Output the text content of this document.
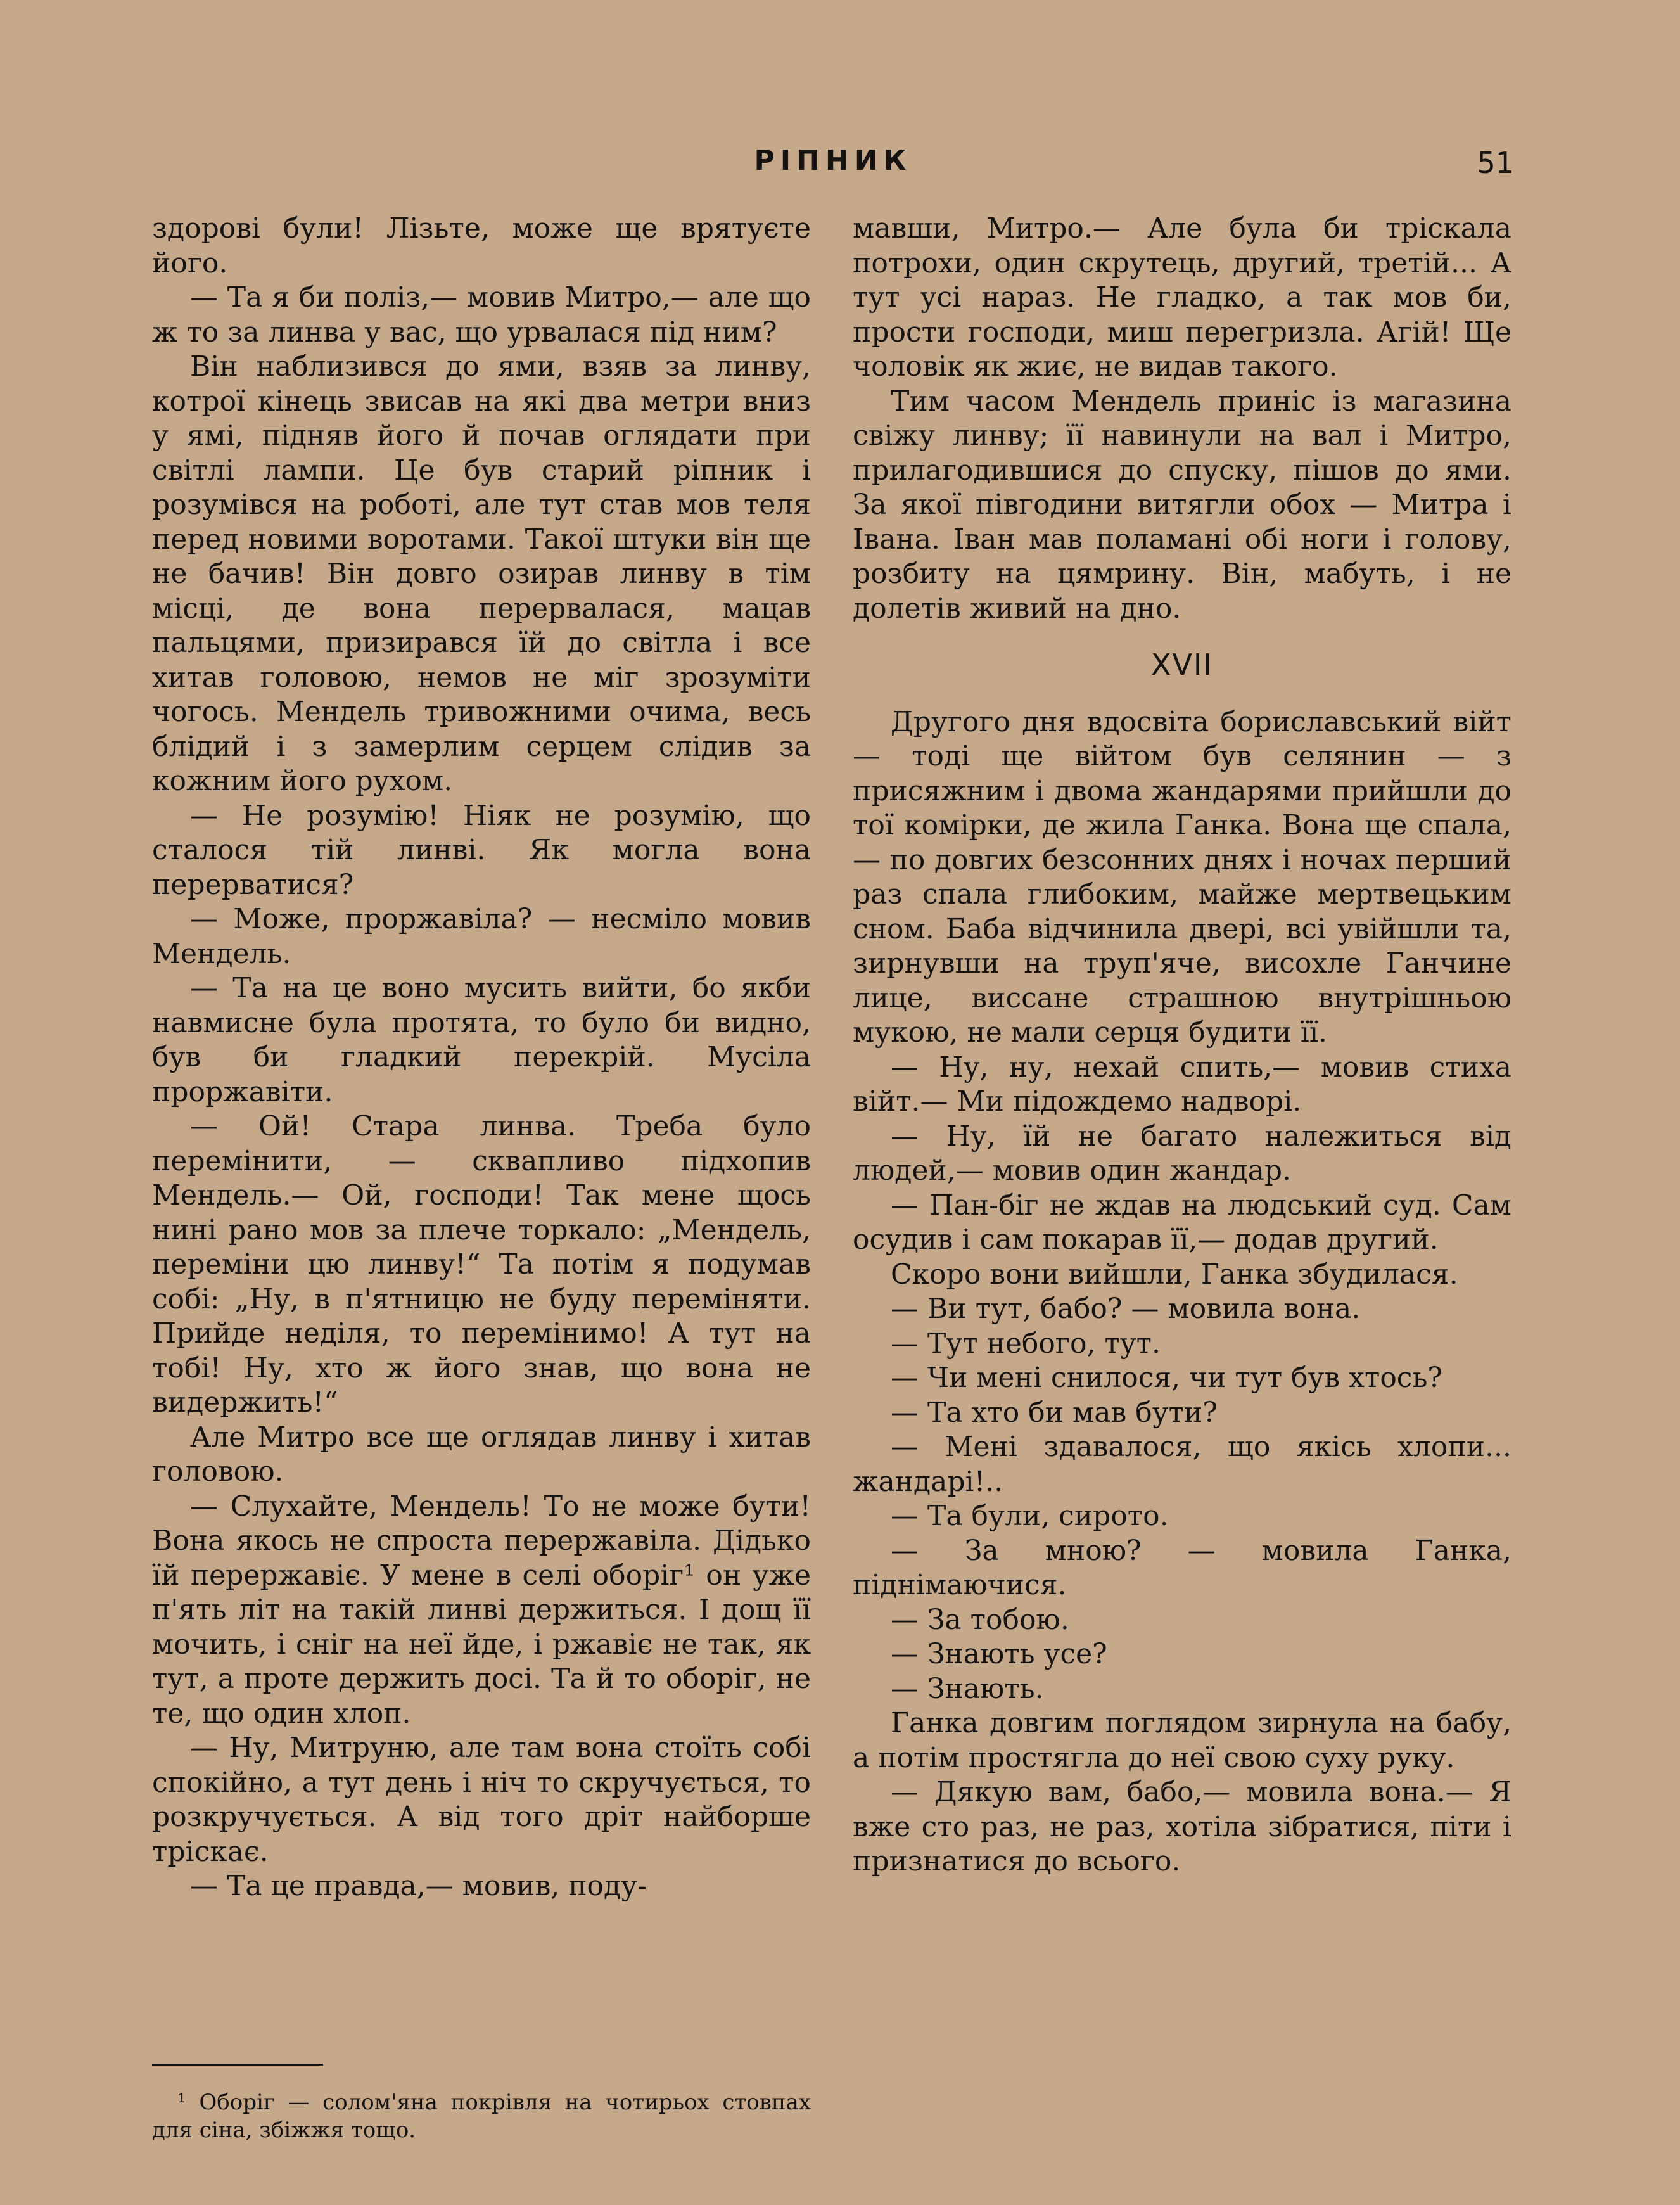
РІПНИК	51

здорові були! Лізьте, може ще врятуєте його.

— Та я би поліз,— мовив Митро,— але що ж то за линва у вас, що урвалася під ним?

Він наблизився до ями, взяв за линву, котрої кінець звисав на які два метри вниз у ямі, підняв його й почав оглядати при світлі лампи. Це був старий ріпник і розумівся на роботі, але тут став мов теля перед новими воротами. Такої штуки він ще не бачив! Він довго озирав линву в тім місці, де вона перервалася, мацав пальцями, призирався їй до світла і все хитав головою, немов не міг зрозуміти чогось. Мендель тривожними очима, весь блідий і з замерлим серцем слідив за кожним його рухом.

— Не розумію! Ніяк не розумію, що сталося тій линві. Як могла вона перерватися?

— Може, проржавіла? — несміло мовив Мендель.

— Та на це воно мусить вийти, бо якби навмисне була протята, то було би видно, був би гладкий перекрій. Мусіла проржавіти.

— Ой! Стара линва. Треба було перемінити, — сквапливо підхопив Мендель.— Ой, господи! Так мене щось нині рано мов за плече торкало: „Мендель, переміни цю линву!“ Та потім я подумав собі: „Ну, в п'ятницю не буду переміняти. Прийде неділя, то перемінимо! А тут на тобі! Ну, хто ж його знав, що вона не видержить!“

Але Митро все ще оглядав линву і хитав головою.

— Слухайте, Мендель! То не може бути! Вона якось не спроста перержавіла. Дідько їй перержавіє. У мене в селі оборіг¹ он уже п'ять літ на такій линві держиться. І дощ її мочить, і сніг на неї йде, і ржавіє не так, як тут, а проте держить досі. Та й то оборіг, не те, що один хлоп.

— Ну, Митруню, але там вона стоїть собі спокійно, а тут день і ніч то скручується, то розкручується. А від того дріт найборше тріскає.

— Та це правда,— мовив, поду-

мавши, Митро.— Але була би тріскала потрохи, один скрутець, другий, третій... А тут усі нараз. Не гладко, а так мов би, прости господи, миш перегризла. Агій! Ще чоловік як жиє, не видав такого.

Тим часом Мендель приніс із магазина свіжу линву; її навинули на вал і Митро, прилагодившися до спуску, пішов до ями. За якої півгодини витягли обох — Митра і Івана. Іван мав поламані обі ноги і голову, розбиту на цямрину. Він, мабуть, і не долетів живий на дно.

XVII

Другого дня вдосвіта бориславський війт — тоді ще війтом був селянин — з присяжним і двома жандарями прийшли до тої комірки, де жила Ганка. Вона ще спала,— по довгих безсонних днях і ночах перший раз спала глибоким, майже мертвецьким сном. Баба відчинила двері, всі увійшли та, зирнувши на труп'яче, висохле Ганчине лице, виссане страшною внутрішньою мукою, не мали серця будити її.

— Ну, ну, нехай спить,— мовив стиха війт.— Ми підождемо надворі.

— Ну, їй не багато належиться від людей,— мовив один жандар.

— Пан-біг не ждав на людський суд. Сам осудив і сам покарав її,— додав другий.

Скоро вони вийшли, Ганка збудилася.

— Ви тут, бабо? — мовила вона.

— Тут небого, тут.

— Чи мені снилося, чи тут був хтось?

— Та хто би мав бути?

— Мені здавалося, що якісь хлопи... жандарі!..

— Та були, сирото.

— За мною? — мовила Ганка, піднімаючися.

— За тобою.

— Знають усе?

— Знають.

Ганка довгим поглядом зирнула на бабу, а потім простягла до неї свою суху руку.

— Дякую вам, бабо,— мовила вона.— Я вже сто раз, не раз, хотіла зібратися, піти і признатися до всього.

¹ Оборіг — солом'яна покрівля на чотирьох стовпах для сіна, збіжжя тощо.
